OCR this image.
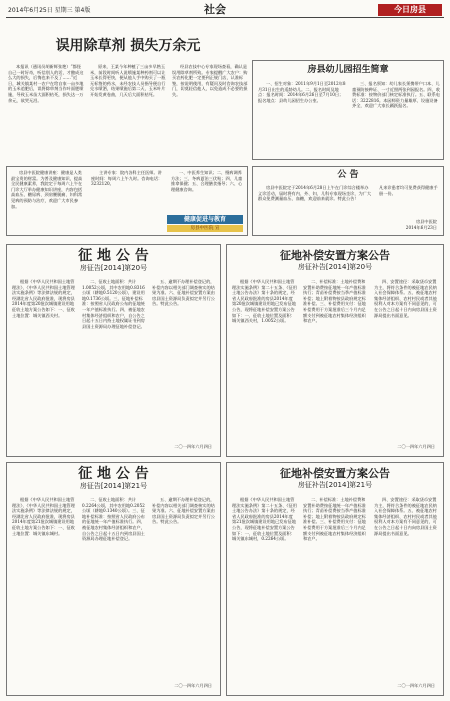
2014年6月25日 星期三 第4版	社会	今日房县
误用除草剂 损失万余元
本报讯（通讯员胡新辉张艳）“都怪自己一时好奇，听信别人的话，才酿成这么大的损失，后悔也来不及了……”近日，城关镇某村一农户在给自家一亩多地的玉米追肥后，误将除草剂当作叶面肥喷施，导致玉米苗大面积枯死，损失达一万余元，欲哭无泪。
原来，王某今年种植了三亩多早熟玉米，前段时间听人说喷施某种药剂可以让玉米长得更快，便从他人手中购买了一瓶无标签的药水，未经农技人员指导便自行兑水喷洒，结果喷施后第二天，玉米叶片开始发黄卷曲，几天后大面积枯死。
经县农技中心专家现场查看，确认是误用除草剂所致。专家提醒广大农户：购买农药化肥一定要到正规门店，认准标签，按说明使用，有疑问及时咨询农技部门，切莫轻信他人，以免造成不必要的损失。
房县幼儿园招生简章
一、招生对象：2011年9月1日至2012年8月31日出生的适龄幼儿。二、报名时间及地点：报名时间：2014年6月26日至7月10日；报名地点：县幼儿园招生办公室。
三、报名须知：幼儿家长须携带户口本、儿童预防接种证、一寸近照两张到园报名。四、收费标准：按物价部门核定标准执行。五、联系电话：3222816。本园师资力量雄厚、设施设备齐全，欢迎广大家长踊跃报名。
房县中医院健康讲座：健康是人类最宝贵的财富。为普及健康知识，提高全民健康素养，我院定于每周六上午在门诊大厅举办健康知识讲座，内容包括高血压、糖尿病、颈肩腰腿痛、妇科常见病的预防与治疗，欢迎广大市民参加。
主讲专家：院内各科主任医师。讲座时间：每周六上午九时。咨询电话：3232120。
一、中医养生知识；二、慢病调养方法；三、冬病夏治三伏贴；四、儿童推拿保健；五、合理膳食指导；六、心理健康咨询。
健康促进与教育
房县中医院 宣
公 告
房县中医院定于2014年6月28日上午在门诊综合楼举办义诊活动，届时将有内、外、妇、儿科专家现场坐诊，为广大群众免费测量血压、血糖，欢迎前来就诊。特此公告！
凡来诊患者均可免费获得健康手册一份。
房县中医院
2014年6月23日
征 地 公 告
房征告[2014]第20号
根据《中华人民共和国土地管理法》、《中华人民共和国土地管理法实施条例》等法律法规的规定，经湖北省人民政府批准，现将房县2014年度第20批次城镇建设用地征收土地方案公告如下：一、征收土地位置：城关镇西关村。
二、征收土地面积：共计1.0052公顷，其中农用地0.8316公顷（耕地0.5120公顷），建设用地0.1736公顷。三、征地补偿标准：按照省人民政府公布的征地统一年产值标准执行。四、被征地农村集体经济组织和农户，自公告之日起十五日内持土地权属证书到房县国土资源局办理征地补偿登记。
五、逾期不办理补偿登记的，补偿内容以相关部门调查核实的结果为准。六、征地补偿安置方案由房县国土资源局负责拟定并另行公告。特此公告。
二〇一四年六月四日
征地补偿安置方案公告
房征补告[2014]第20号
根据《中华人民共和国土地管理法实施条例》第二十五条、《征用土地公告办法》第十条的规定，经省人民政府批准的房县2014年度第20批次城镇建设用地已发布征地公告，现将征地补偿安置方案公告如下：一、征收土地位置及面积：城关镇西关村，1.0052公顷。
二、补偿标准：土地补偿费和安置补助费按征地统一年产值标准执行；青苗补偿费按当季产值标准补偿；地上附着物按县政府规定标准补偿。三、补偿费用支付：征地补偿费用于方案批准后三个月内足额支付到被征地农村集体经济组织和农户。
四、安置途径：采取货币安置为主，将符合条件的被征地农民纳入社会保障体系。五、被征地农村集体经济组织、农村村民或者其他权利人对本方案有不同意见的，可在公告之日起十日内向房县国土资源局提出书面意见。
二〇一四年六月四日
征 地 公 告
房征告[2014]第21号
根据《中华人民共和国土地管理法》、《中华人民共和国土地管理法实施条例》等法律法规的规定，经湖北省人民政府批准，现将房县2014年度第21批次城镇建设用地征收土地方案公告如下：一、征收土地位置：城关镇东城村。
二、征收土地面积：共计0.2264公顷，其中农用地0.2052公顷（耕地0.1340公顷）。三、征地补偿标准：按照省人民政府公布的征地统一年产值标准执行。四、被征地农村集体经济组织和农户，自公告之日起十五日内到房县国土资源局办理征地补偿登记。
五、逾期不办理补偿登记的，补偿内容以相关部门调查核实的结果为准。六、征地补偿安置方案由房县国土资源局负责拟定并另行公告。特此公告。
二〇一四年六月四日
征地补偿安置方案公告
房征补告[2014]第21号
根据《中华人民共和国土地管理法实施条例》第二十五条、《征用土地公告办法》第十条的规定，经省人民政府批准的房县2014年度第21批次城镇建设用地已发布征地公告，现将征地补偿安置方案公告如下：一、征收土地位置及面积：城关镇东城村，0.2264公顷。
二、补偿标准：土地补偿费和安置补助费按征地统一年产值标准执行；青苗补偿费按当季产值标准补偿；地上附着物按县政府规定标准补偿。三、补偿费用支付：征地补偿费用于方案批准后三个月内足额支付到被征地农村集体经济组织和农户。
四、安置途径：采取货币安置为主，将符合条件的被征地农民纳入社会保障体系。五、被征地农村集体经济组织、农村村民或者其他权利人对本方案有不同意见的，可在公告之日起十日内向房县国土资源局提出书面意见。
二〇一四年六月四日
